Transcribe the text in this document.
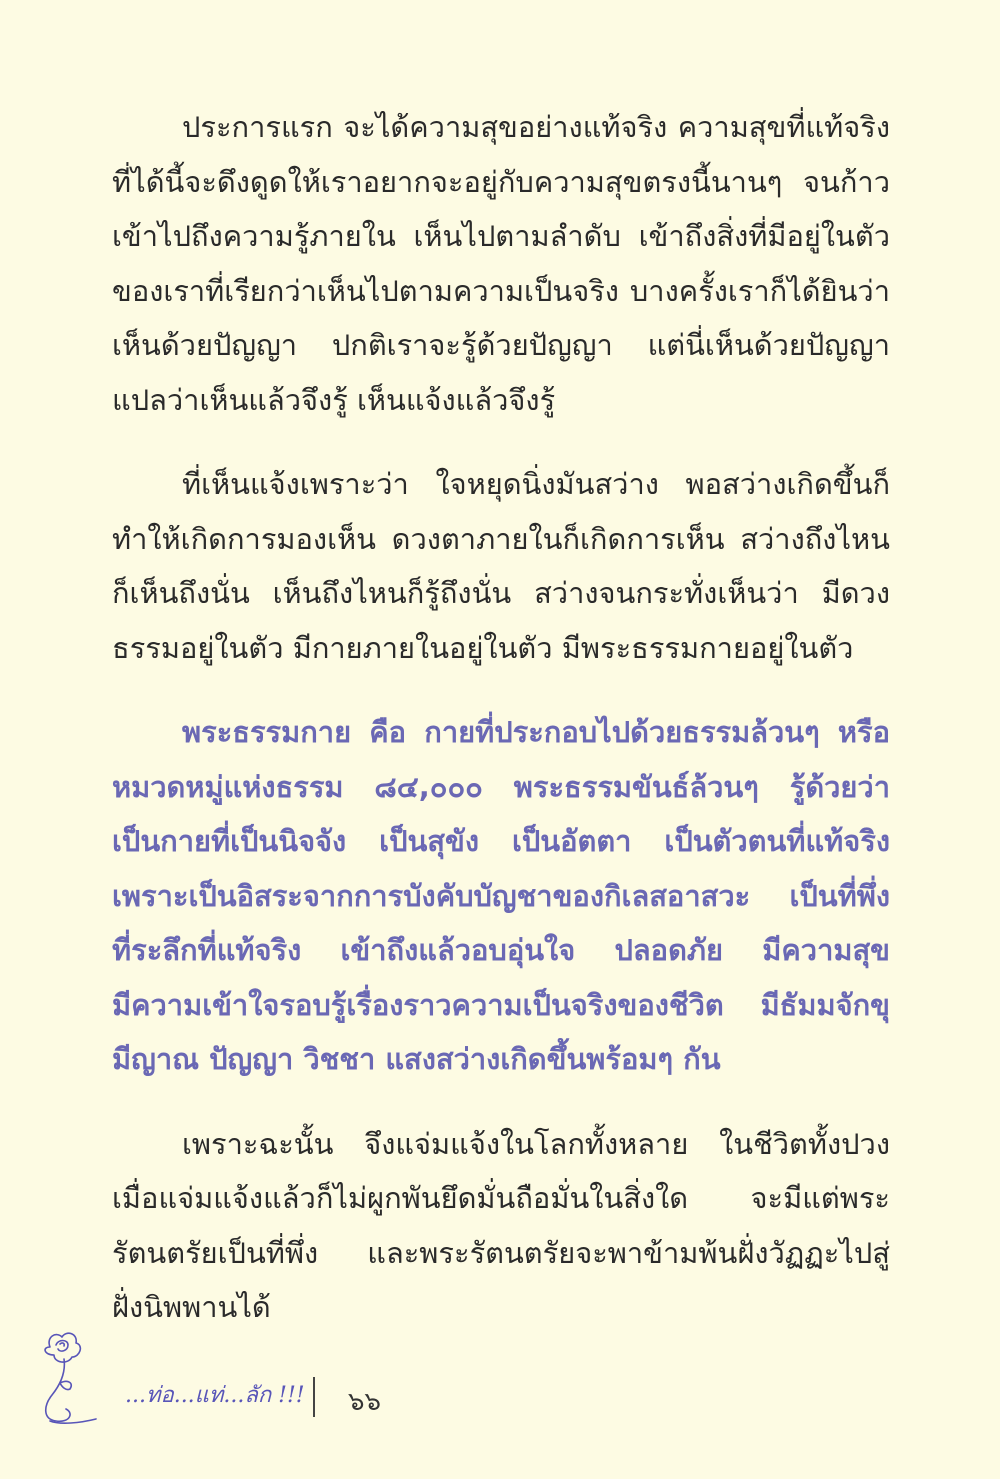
ประการแรก จะได้ความสุขอย่างแท้จริง ความสุขที่แท้จริง
ที่ได้นี้จะดึงดูดให้เราอยากจะอยู่กับความสุขตรงนี้นานๆ จนก้าว
เข้าไปถึงความรู้ภายใน เห็นไปตามลำดับ เข้าถึงสิ่งที่มีอยู่ในตัว
ของเราที่เรียกว่าเห็นไปตามความเป็นจริง บางครั้งเราก็ได้ยินว่า
เห็นด้วยปัญญา ปกติเราจะรู้ด้วยปัญญา แต่นี่เห็นด้วยปัญญา
แปลว่าเห็นแล้วจึงรู้ เห็นแจ้งแล้วจึงรู้
ที่เห็นแจ้งเพราะว่า ใจหยุดนิ่งมันสว่าง พอสว่างเกิดขึ้นก็
ทำให้เกิดการมองเห็น ดวงตาภายในก็เกิดการเห็น สว่างถึงไหน
ก็เห็นถึงนั่น เห็นถึงไหนก็รู้ถึงนั่น สว่างจนกระทั่งเห็นว่า มีดวง
ธรรมอยู่ในตัว มีกายภายในอยู่ในตัว มีพระธรรมกายอยู่ในตัว
พระธรรมกาย คือ กายที่ประกอบไปด้วยธรรมล้วนๆ หรือ
หมวดหมู่แห่งธรรม ๘๔,๐๐๐ พระธรรมขันธ์ล้วนๆ รู้ด้วยว่า
เป็นกายที่เป็นนิจจัง เป็นสุขัง เป็นอัตตา เป็นตัวตนที่แท้จริง
เพราะเป็นอิสระจากการบังคับบัญชาของกิเลสอาสวะ เป็นที่พึ่ง
ที่ระลึกที่แท้จริง เข้าถึงแล้วอบอุ่นใจ ปลอดภัย มีความสุข
มีความเข้าใจรอบรู้เรื่องราวความเป็นจริงของชีวิต มีธัมมจักขุ
มีญาณ ปัญญา วิชชา แสงสว่างเกิดขึ้นพร้อมๆ กัน
เพราะฉะนั้น จึงแจ่มแจ้งในโลกทั้งหลาย ในชีวิตทั้งปวง
เมื่อแจ่มแจ้งแล้วก็ไม่ผูกพันยึดมั่นถือมั่นในสิ่งใด จะมีแต่พระ
รัตนตรัยเป็นที่พึ่ง และพระรัตนตรัยจะพาข้ามพ้นฝั่งวัฏฏะไปสู่
ฝั่งนิพพานได้
...ท่อ...แท่...ลัก !!! ๖๖
